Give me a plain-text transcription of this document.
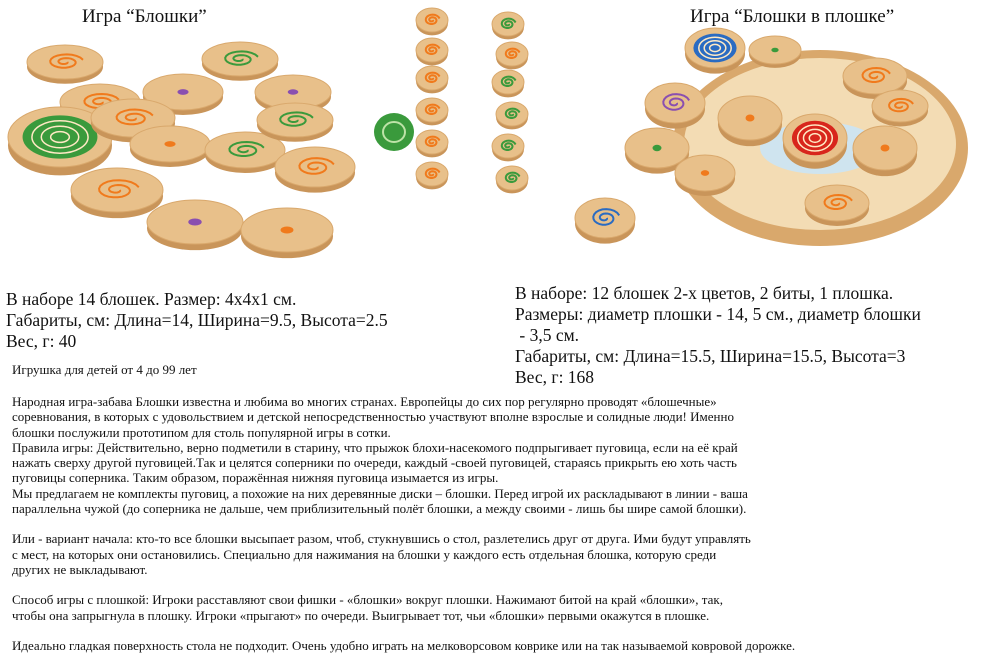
Игра “Блошки”	Игра “Блошки в плошке”
В наборе 14 блошек. Размер: 4х4х1 см.
Габариты, см: Длина=14, Ширина=9.5, Высота=2.5
Вес, г: 40
В наборе: 12 блошек 2-х цветов, 2 биты, 1 плошка.
Размеры: диаметр плошки - 14, 5 см., диаметр блошки
- 3,5 см.
Габариты, см: Длина=15.5, Ширина=15.5, Высота=3
Вес, г: 168
Игрушка для детей от 4 до 99 лет

Народная игра-забава Блошки известна и любима во многих странах. Европейцы до сих пор регулярно проводят «блошечные»

соревнования, в которых с удовольствием и детской непосредственностью участвуют вполне взрослые и солидные люди! Именно

блошки послужили прототипом для столь популярной игры в сотки.

Правила игры: Действительно, верно подметили в старину, что прыжок блохи-насекомого подпрыгивает пуговица, если на её край

нажать сверху другой пуговицей.Так и целятся соперники по очереди, каждый -своей пуговицей, стараясь прикрыть ею хоть часть

пуговицы соперника. Таким образом, поражённая нижняя пуговица изымается из игры.

Мы предлагаем не комплекты пуговиц, а похожие на них деревянные диски – блошки. Перед игрой их раскладывают в линии - ваша

параллельна чужой (до соперника не дальше, чем приблизительный полёт блошки, а между своими - лишь бы шире самой блошки).

Или - вариант начала: кто-то все блошки высыпает разом, чтоб, стукнувшись о стол, разлетелись друг от друга. Ими будут управлять

с мест, на которых они остановились. Специально для нажимания на блошки у каждого есть отдельная блошка, которую среди

других не выкладывают.

Способ игры с плошкой: Игроки расставляют свои фишки - «блошки» вокруг плошки. Нажимают битой на край «блошки», так,

чтобы она запрыгнула в плошку. Игроки «прыгают» по очереди. Выигрывает тот, чьи «блошки» первыми окажутся в плошке.

Идеально гладкая поверхность стола не подходит. Очень удобно играть на мелковорсовом коврике или на так называемой ковровой дорожке.
